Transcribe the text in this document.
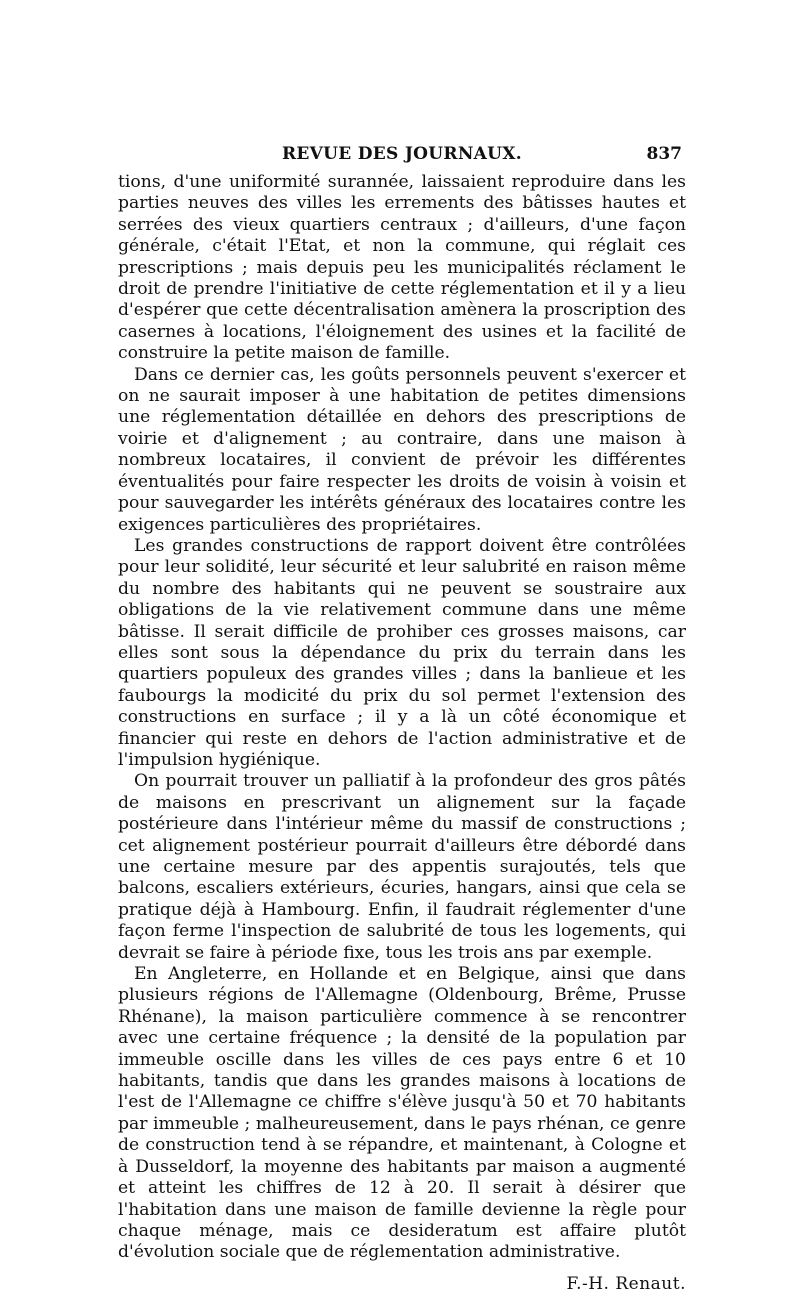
REVUE DES JOURNAUX.	837

tions, d'une uniformité surannée, laissaient reproduire dans les parties neuves des villes les errements des bâtisses hautes et serrées des vieux quartiers centraux ; d'ailleurs, d'une façon générale, c'était l'Etat, et non la commune, qui réglait ces prescriptions ; mais depuis peu les municipalités réclament le droit de prendre l'initiative de cette réglementation et il y a lieu d'espérer que cette décentralisation amènera la proscription des casernes à locations, l'éloignement des usines et la facilité de construire la petite maison de famille.

Dans ce dernier cas, les goûts personnels peuvent s'exercer et on ne saurait imposer à une habitation de petites dimensions une réglementation détaillée en dehors des prescriptions de voirie et d'alignement ; au contraire, dans une maison à nombreux locataires, il convient de prévoir les différentes éventualités pour faire respecter les droits de voisin à voisin et pour sauvegarder les intérêts généraux des locataires contre les exigences particulières des propriétaires.

Les grandes constructions de rapport doivent être contrôlées pour leur solidité, leur sécurité et leur salubrité en raison même du nombre des habitants qui ne peuvent se soustraire aux obligations de la vie relativement commune dans une même bâtisse. Il serait difficile de prohiber ces grosses maisons, car elles sont sous la dépendance du prix du terrain dans les quartiers populeux des grandes villes ; dans la banlieue et les faubourgs la modicité du prix du sol permet l'extension des constructions en surface ; il y a là un côté économique et financier qui reste en dehors de l'action administrative et de l'impulsion hygiénique.

On pourrait trouver un palliatif à la profondeur des gros pâtés de maisons en prescrivant un alignement sur la façade postérieure dans l'intérieur même du massif de constructions ; cet alignement postérieur pourrait d'ailleurs être débordé dans une certaine mesure par des appentis surajoutés, tels que balcons, escaliers extérieurs, écuries, hangars, ainsi que cela se pratique déjà à Hambourg. Enfin, il faudrait réglementer d'une façon ferme l'inspection de salubrité de tous les logements, qui devrait se faire à période fixe, tous les trois ans par exemple.

En Angleterre, en Hollande et en Belgique, ainsi que dans plusieurs régions de l'Allemagne (Oldenbourg, Brême, Prusse Rhénane), la maison particulière commence à se rencontrer avec une certaine fréquence ; la densité de la population par immeuble oscille dans les villes de ces pays entre 6 et 10 habitants, tandis que dans les grandes maisons à locations de l'est de l'Allemagne ce chiffre s'élève jusqu'à 50 et 70 habitants par immeuble ; malheureusement, dans le pays rhénan, ce genre de construction tend à se répandre, et maintenant, à Cologne et à Dusseldorf, la moyenne des habitants par maison a augmenté et atteint les chiffres de 12 à 20. Il serait à désirer que l'habitation dans une maison de famille devienne la règle pour chaque ménage, mais ce desideratum est affaire plutôt d'évolution sociale que de réglementation administrative.

F.-H. Renaut.
